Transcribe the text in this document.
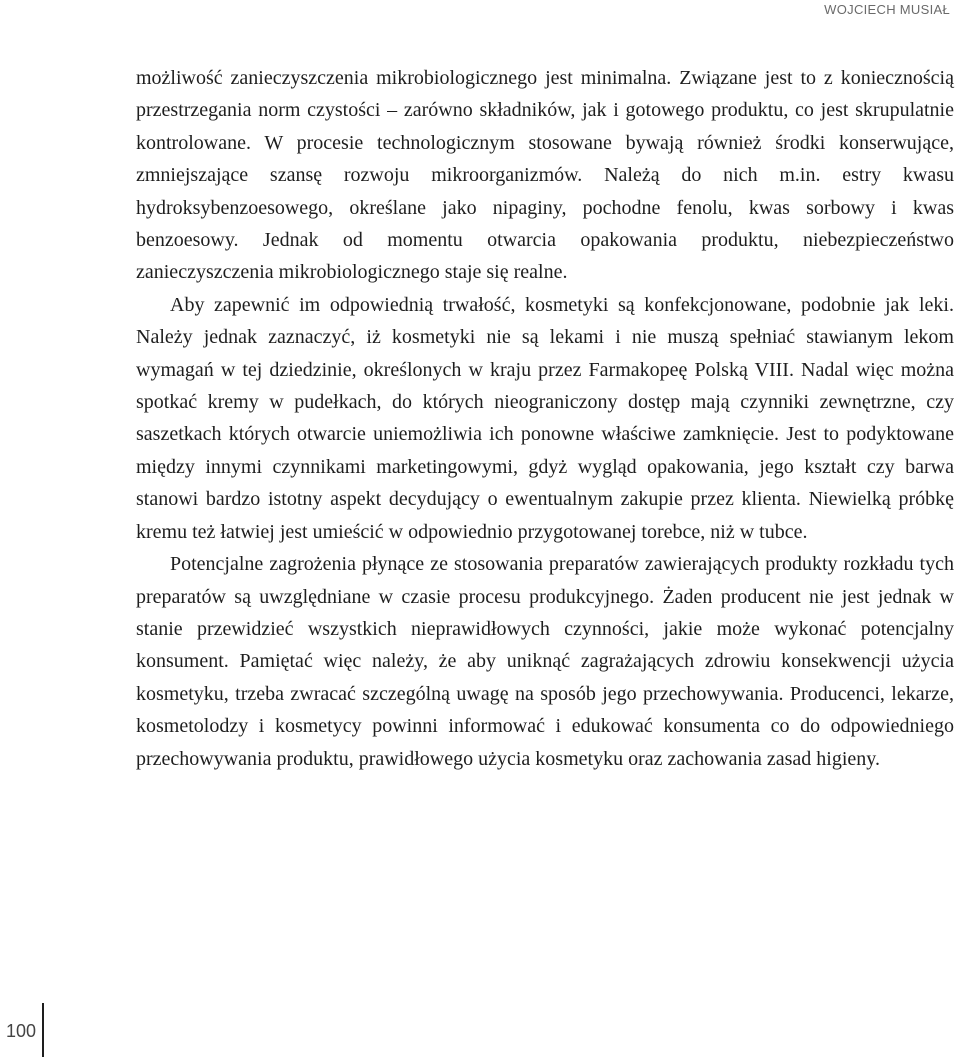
WOJCIECH MUSIAŁ

możliwość zanieczyszczenia mikrobiologicznego jest minimalna. Związane jest to z koniecznością przestrzegania norm czystości – zarówno składników, jak i gotowego produktu, co jest skrupulatnie kontrolowane. W procesie technologicznym stosowane bywają również środki konserwujące, zmniejszające szansę rozwoju mikroorganizmów. Należą do nich m.in. estry kwasu hydroksybenzoesowego, określane jako nipaginy, pochodne fenolu, kwas sorbowy i kwas benzoesowy. Jednak od momentu otwarcia opakowania produktu, niebezpieczeństwo zanieczyszczenia mikrobiologicznego staje się realne.

Aby zapewnić im odpowiednią trwałość, kosmetyki są konfekcjonowane, podobnie jak leki. Należy jednak zaznaczyć, iż kosmetyki nie są lekami i nie muszą spełniać stawianym lekom wymagań w tej dziedzinie, określonych w kraju przez Farmakopeę Polską VIII. Nadal więc można spotkać kremy w pudełkach, do których nieograniczony dostęp mają czynniki zewnętrzne, czy saszetkach których otwarcie uniemożliwia ich ponowne właściwe zamknięcie. Jest to podyktowane między innymi czynnikami marketingowymi, gdyż wygląd opakowania, jego kształt czy barwa stanowi bardzo istotny aspekt decydujący o ewentualnym zakupie przez klienta. Niewielką próbkę kremu też łatwiej jest umieścić w odpowiednio przygotowanej torebce, niż w tubce.

Potencjalne zagrożenia płynące ze stosowania preparatów zawierających produkty rozkładu tych preparatów są uwzględniane w czasie procesu produkcyjnego. Żaden producent nie jest jednak w stanie przewidzieć wszystkich nieprawidłowych czynności, jakie może wykonać potencjalny konsument. Pamiętać więc należy, że aby uniknąć zagrażających zdrowiu konsekwencji użycia kosmetyku, trzeba zwracać szczególną uwagę na sposób jego przechowywania. Producenci, lekarze, kosmetolodzy i kosmetycy powinni informować i edukować konsumenta co do odpowiedniego przechowywania produktu, prawidłowego użycia kosmetyku oraz zachowania zasad higieny.

100
